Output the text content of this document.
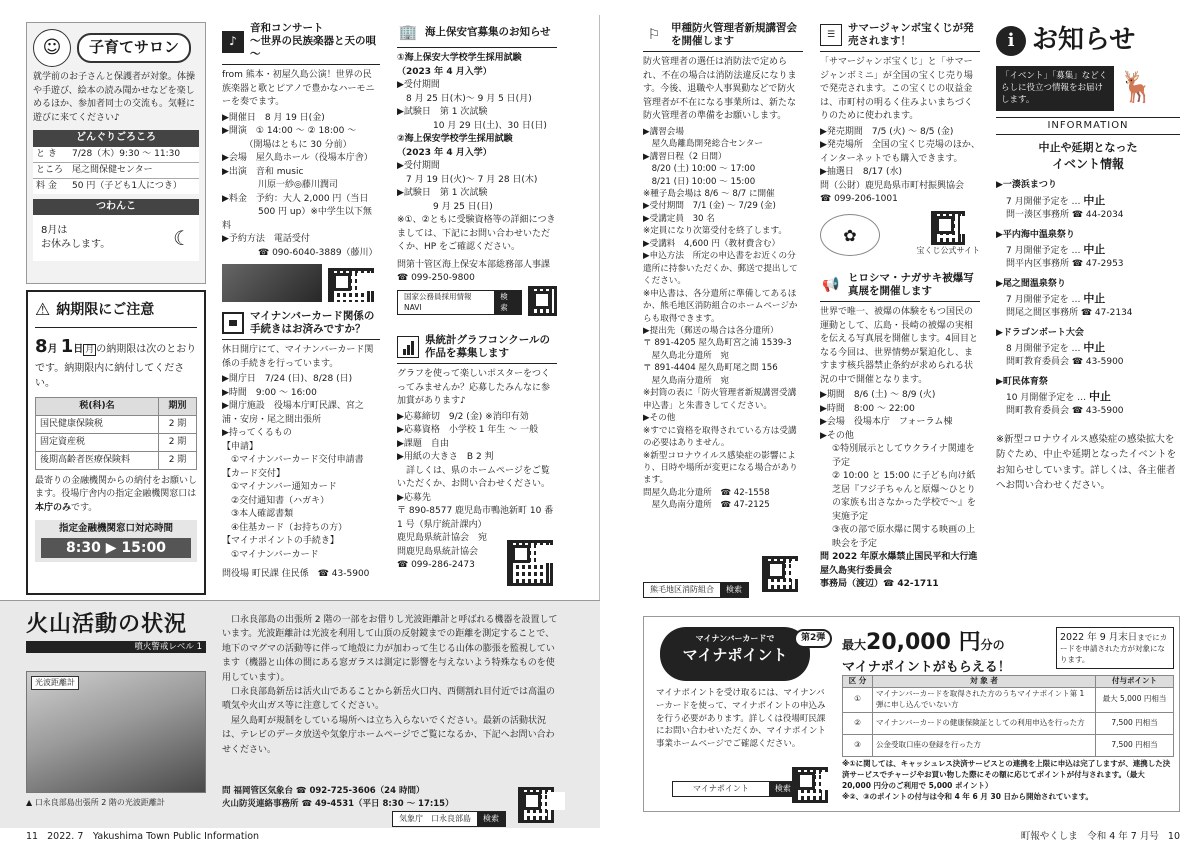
☺	子育てサロン
就学前のお子さんと保護者が対象。体操や手遊び、絵本の読み聞かせなどを楽しめるほか、参加者同士の交流も。気軽に遊びに来てください♪
どんぐりごろころ
と き	7/28（木）9:30 ～ 11:30
ところ 尾之間保健センター
料 金	50 円（子ども1人につき）
つわんこ
8月は
お休みします。	☾
⚠ 納期限にご注意
8月 1日 月 の納期限は次のとおりです。納期限内に納付してください。
税(科)名	期別
国民健康保険税	2 期
固定資産税	2 期
後期高齢者医療保険料	2 期
最寄りの金融機関からの納付をお願いします。役場庁舎内の指定金融機関窓口は本庁のみです。
指定金融機関窓口対応時間
8:30 ▶ 15:00
♪
音和コンサート
～世界の民族楽器と天の唄～
from 熊本・初屋久島公演！世界の民族楽器と歌とピアノで豊かなハーモニーを奏でます。
▶開催日　8 月 19 日(金)
▶開演　① 14:00 ～ ② 18:00 ～
　　　（開場はともに 30 分前）
▶会場　屋久島ホール（役場本庁舎）
▶出演　音和 music
　　　　川原一紗◎藤川潤司
▶料金　予約：大人 2,000 円（当日
　　　　500 円 up）※中学生以下無料
▶予約方法　電話受付
　　　　☎ 090-6040-3889（藤川）
マイナンバーカード関係の手続きはお済みですか？
休日開庁にて、マイナンバーカード関係の手続きを行っています。
▶開庁日　7/24 (日)、8/28 (日)
▶時間　9:00 ～ 16:00
▶開庁施設　役場本庁町民課、宮之浦・安房・尾之間出張所
▶持ってくるもの
【申請】
　①マイナンバーカード交付申請書
【カード交付】
　①マイナンバー通知カード
　②交付通知書（ハガキ）
　③本人確認書類
　④住基カード（お持ちの方）
【マイナポイントの手続き】
　①マイナンバーカード
問役場 町民課 住民係　☎ 43-5900
🏢 海上保安官募集のお知らせ
①海上保安大学校学生採用試験
（2023 年 4 月入学）
▶受付期間
　8 月 25 日(木)～ 9 月 5 日(月)
▶試験日　第 1 次試験
　　　　10 月 29 日(土)、30 日(日)
②海上保安学校学生採用試験
（2023 年 4 月入学）
▶受付期間
　7 月 19 日(火)～ 7 月 28 日(木)
▶試験日　第 1 次試験
　　　　9 月 25 日(日)
※①、②ともに受験資格等の詳細につきましては、下記にお問い合わせいただくか、HP をご確認ください。
問第十管区海上保安本部総務部人事課
☎ 099-250-9800
国家公務員採用情報 NAVI
検索
県統計グラフコンクールの作品を募集します
グラフを使って楽しいポスターをつくってみませんか？応募したみんなに参加賞があります♪
▶応募締切　9/2 (金) ※消印有効
▶応募資格　小学校 1 年生 ～ 一般
▶課題　自由
▶用紙の大きさ　B 2 判
　詳しくは、県のホームページをご覧いただくか、お問い合わせください。
▶応募先
〒 890-8577 鹿児島市鴨池新町 10 番 1 号（県庁統計課内）
鹿児島県統計協会　宛
問鹿児島県統計協会
☎ 099-286-2473
⚐	甲種防火管理者新規講習会を開催します
防火管理者の選任は消防法で定められ、不在の場合は消防法違反になります。今後、退職や人事異動などで防火管理者が不在になる事業所は、新たな防火管理者の準備をお願いします。
▶講習会場
　屋久島離島開発総合センター
▶講習日程（2 日間）
　8/20 (土) 10:00 ～ 17:00
　8/21 (日) 10:00 ～ 15:00
※種子島会場は 8/6 ～ 8/7 に開催
▶受付期間　7/1 (金) ～ 7/29 (金)
▶受講定員　30 名
※定員になり次第受付を終了します。
▶受講料　4,600 円（教材費含む）
▶申込方法　所定の申込書をお近くの分遣所に持参いただくか、郵送で提出してください。
※申込書は、各分遣所に準備してあるほか、熊毛地区消防組合のホームページからも取得できます。
▶提出先（郵送の場合は各分遣所）
〒 891-4205 屋久島町宮之浦 1539-3
　屋久島北分遣所　宛
〒 891-4404 屋久島町尾之間 156
　屋久島南分遣所　宛
※封筒の表に「防火管理者新規講習受講申込書」と朱書きしてください。
▶その他
※すでに資格を取得されている方は受講の必要はありません。
※新型コロナウイルス感染症の影響により、日時や場所が変更になる場合があります。
問屋久島北分遣所　☎ 42-1558
　屋久島南分遣所　☎ 47-2125
熊毛地区消防組合	検索
☰
サマージャンボ宝くじが発売されます！
「サマージャンボ宝くじ」と「サマージャンボミニ」が全国の宝くじ売り場で発売されます。この宝くじの収益金は、市町村の明るく住みよいまちづくりのために使われます。
▶発売期間　7/5 (火) ～ 8/5 (金)
▶発売場所　全国の宝くじ売場のほか、インターネットでも購入できます。
▶抽選日　8/17 (水)
問（公財）鹿児島県市町村振興協会
☎ 099-206-1001
✿
宝くじ公式サイト
📢 ヒロシマ・ナガサキ被爆写真展を開催します
世界で唯一、被爆の体験をもつ国民の運動として、広島・長崎の被爆の実相を伝える写真展を開催します。4回目となる今回は、世界情勢が緊迫化し、ますます核兵器禁止条約が求められる状況の中で開催となります。
▶期間　8/6 (土) ～ 8/9 (火)
▶時間　8:00 ～ 22:00
▶会場　役場本庁　フォーラム棟
▶その他
①特別展示としてウクライナ関連を予定
② 10:00 と 15:00 に子ども向け紙芝居『フジ子ちゃんと原爆～ひとりの家族も出さなかった学校で～』を実施予定
③夜の部で原水爆に関する映画の上映会を予定
問 2022 年原水爆禁止国民平和大行進 屋久島実行委員会
事務局（渡辺）☎ 42-1711
i お知らせ
「イベント」「募集」などくらしに役立つ情報をお届けします。	🦌
INFORMATION
中止や延期となった
イベント情報
▶一湊浜まつり
7 月開催予定を … 中止
問一湊区事務所 ☎ 44-2034
▶平内海中温泉祭り
7 月開催予定を … 中止
問平内区事務所 ☎ 47-2953
▶尾之間温泉祭り
7 月開催予定を … 中止
問尾之間区事務所 ☎ 47-2134
▶ドラゴンボート大会
8 月開催予定を … 中止
問町教育委員会 ☎ 43-5900
▶町民体育祭
10 月開催予定を … 中止
問町教育委員会 ☎ 43-5900
※新型コロナウイルス感染症の感染拡大を防ぐため、中止や延期となったイベントをお知らせしています。詳しくは、各主催者へお問い合わせください。
火山活動の状況
噴火警戒レベル 1
光波距離計
▲ 口永良部島出張所 2 階の光波距離計
口永良部島の出張所 2 階の一部をお借りし光波距離計と呼ばれる機器を設置しています。光波距離計は光波を利用して山頂の反射鏡までの距離を測定することで、地下のマグマの活動等に伴って地殻に力が加わって生じる山体の膨張を監視しています（機器と山体の間にある窓ガラスは測定に影響を与えないよう特殊なものを使用しています）。
口永良部島新岳は活火山であることから新岳火口内、西側割れ目付近では高温の噴気や火山ガス等に注意してください。
屋久島町が規制をしている場所へは立ち入らないでください。最新の活動状況は、テレビのデータ放送や気象庁ホームページでご覧になるか、下記へお問い合わせください。
問 福岡管区気象台 ☎ 092-725-3606（24 時間）
火山防災連絡事務所 ☎ 49-4531（平日 8:30 ～ 17:15）
気象庁　口永良部島	検索
マイナンバーカードで
マイナポイント
第2弾
マイナポイントを受け取るには、マイナンバーカードを使って、マイナポイントの申込みを行う必要があります。詳しくは役場町民課にお問い合わせいただくか、マイナポイント事業ホームページでご確認ください。
マイナポイント	検索
最大20,000 円分の
マイナポイントがもらえる！
2022 年 9 月末日までにカードを申請された方が対象になります。
区 分	対 象 者	付与ポイント
①	マイナンバーカードを取得された方のうちマイナポイント第 1 弾に申し込んでいない方	最大 5,000 円相当
②	マイナンバーカードの健康保険証としての利用申込を行った方	7,500 円相当
③	公金受取口座の登録を行った方	7,500 円相当
※①に関しては、キャッシュレス決済サービスとの連携を上限に申込は完了しますが、連携した決済サービスでチャージやお買い物した際にその額に応じてポイントが付与されます。（最大 20,000 円分のご利用で 5,000 ポイント）
※②、③のポイントの付与は令和 4 年 6 月 30 日から開始されています。
11 2022. 7　Yakushima Town Public Information	町報やくしま　令和 4 年 7 月号 10
